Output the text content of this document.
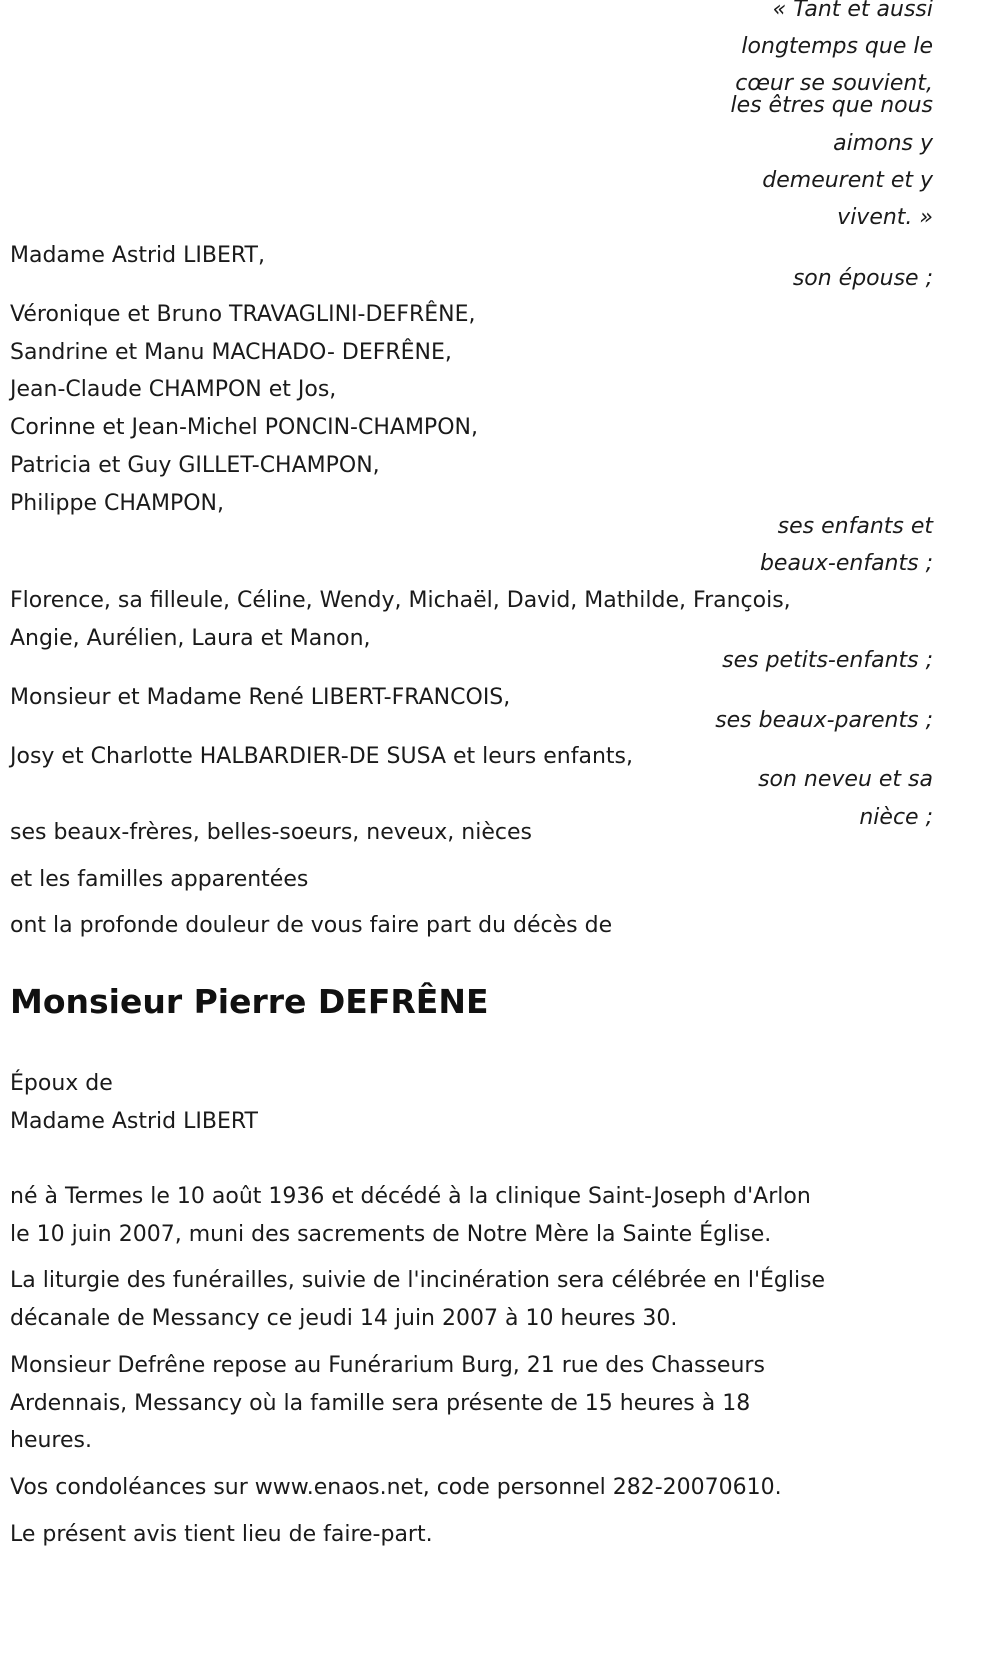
« Tant et aussi
longtemps que le
cœur se souvient,
les êtres que nous
aimons y
demeurent et y
vivent. »
Madame Astrid LIBERT,
son épouse ;
Véronique et Bruno TRAVAGLINI-DEFRÊNE,
Sandrine et Manu MACHADO- DEFRÊNE,
Jean-Claude CHAMPON et Jos,
Corinne et Jean-Michel PONCIN-CHAMPON,
Patricia et Guy GILLET-CHAMPON,
Philippe CHAMPON,
ses enfants et
beaux-enfants ;
Florence, sa filleule, Céline, Wendy, Michaël, David, Mathilde, François,
Angie, Aurélien, Laura et Manon,
ses petits-enfants ;
Monsieur et Madame René LIBERT-FRANCOIS,
ses beaux-parents ;
Josy et Charlotte HALBARDIER-DE SUSA et leurs enfants,
son neveu et sa
nièce ;
ses beaux-frères, belles-soeurs, neveux, nièces
et les familles apparentées
ont la profonde douleur de vous faire part du décès de
Monsieur Pierre DEFRÊNE
Époux de
Madame Astrid LIBERT
né à Termes le 10 août 1936 et décédé à la clinique Saint-Joseph d'Arlon
le 10 juin 2007, muni des sacrements de Notre Mère la Sainte Église.
La liturgie des funérailles, suivie de l'incinération sera célébrée en l'Église
décanale de Messancy ce jeudi 14 juin 2007 à 10 heures 30.
Monsieur Defrêne repose au Funérarium Burg, 21 rue des Chasseurs
Ardennais, Messancy où la famille sera présente de 15 heures à 18
heures.
Vos condoléances sur www.enaos.net, code personnel 282-20070610.
Le présent avis tient lieu de faire-part.
